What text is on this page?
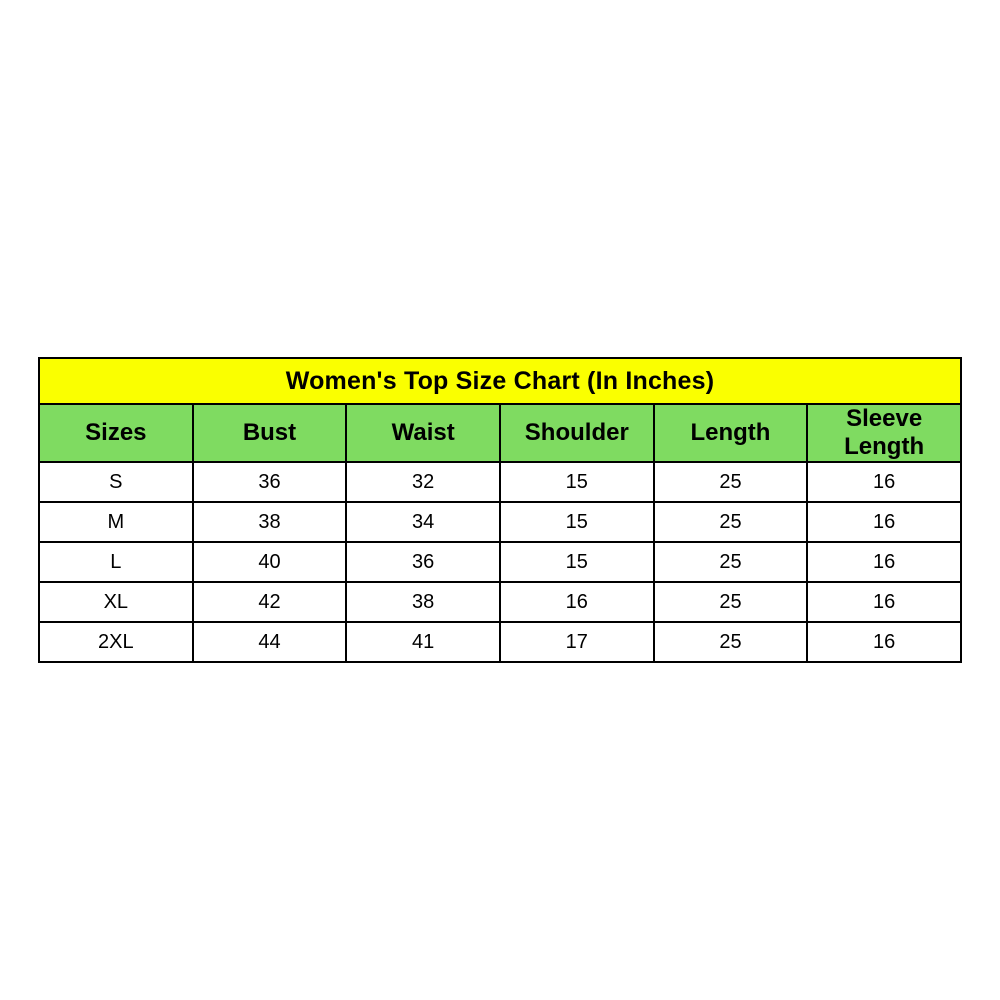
Women's Top Size Chart (In Inches)					
Sizes	Bust	Waist	Shoulder	Length	Sleeve Length
S	36	32	15	25	16
M	38	34	15	25	16
L	40	36	15	25	16
XL	42	38	16	25	16
2XL	44	41	17	25	16
